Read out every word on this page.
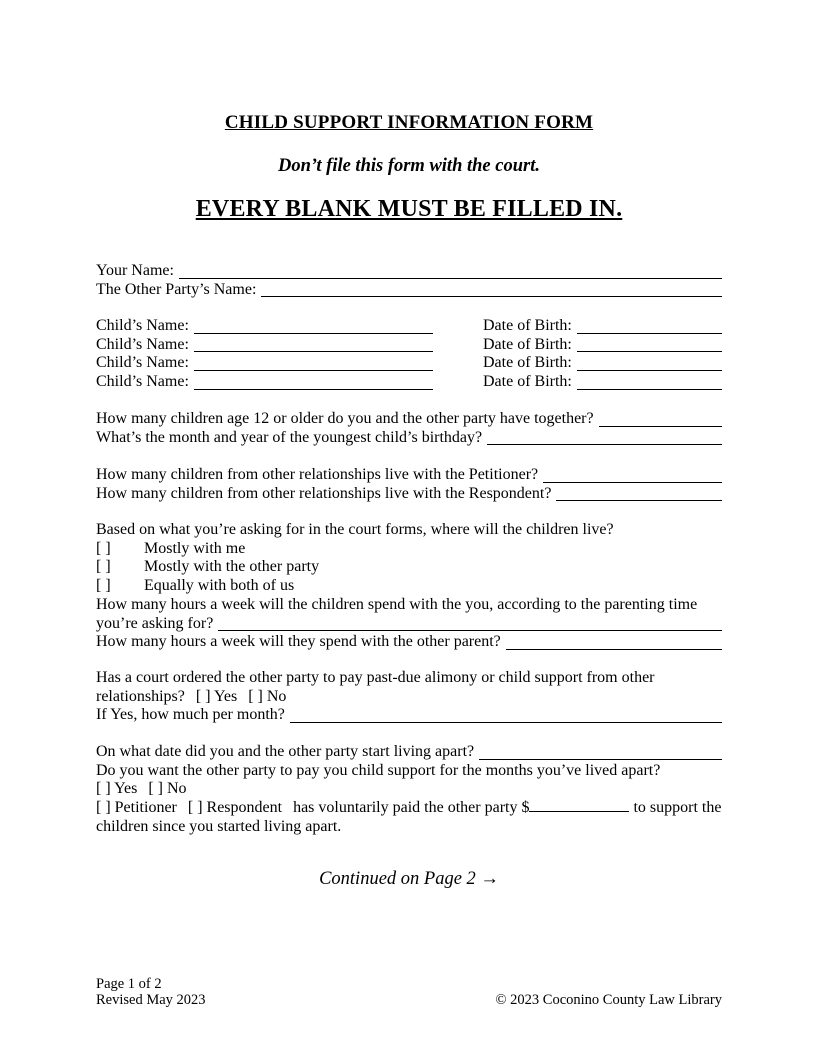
CHILD SUPPORT INFORMATION FORM
Don’t file this form with the court.
EVERY BLANK MUST BE FILLED IN.
Your Name:
The Other Party’s Name:
Child’s Name:	Date of Birth:
Child’s Name:	Date of Birth:
Child’s Name:	Date of Birth:
Child’s Name:	Date of Birth:
How many children age 12 or older do you and the other party have together?
What’s the month and year of the youngest child’s birthday?
How many children from other relationships live with the Petitioner?
How many children from other relationships live with the Respondent?
Based on what you’re asking for in the court forms, where will the children live?
[ ]	Mostly with me
[ ]	Mostly with the other party
[ ]	Equally with both of us
How many hours a week will the children spend with the you, according to the parenting time
you’re asking for?
How many hours a week will they spend with the other parent?
Has a court ordered the other party to pay past-due alimony or child support from other
relationships? [ ] Yes [ ] No
If Yes, how much per month?
On what date did you and the other party start living apart?
Do you want the other party to pay you child support for the months you’ve lived apart?
[ ] Yes [ ] No
[ ] Petitioner [ ] Respondent has voluntarily paid the other party $	to support the
children since you started living apart.
Continued on Page 2 →
Page 1 of 2
Revised May 2023	© 2023 Coconino County Law Library
